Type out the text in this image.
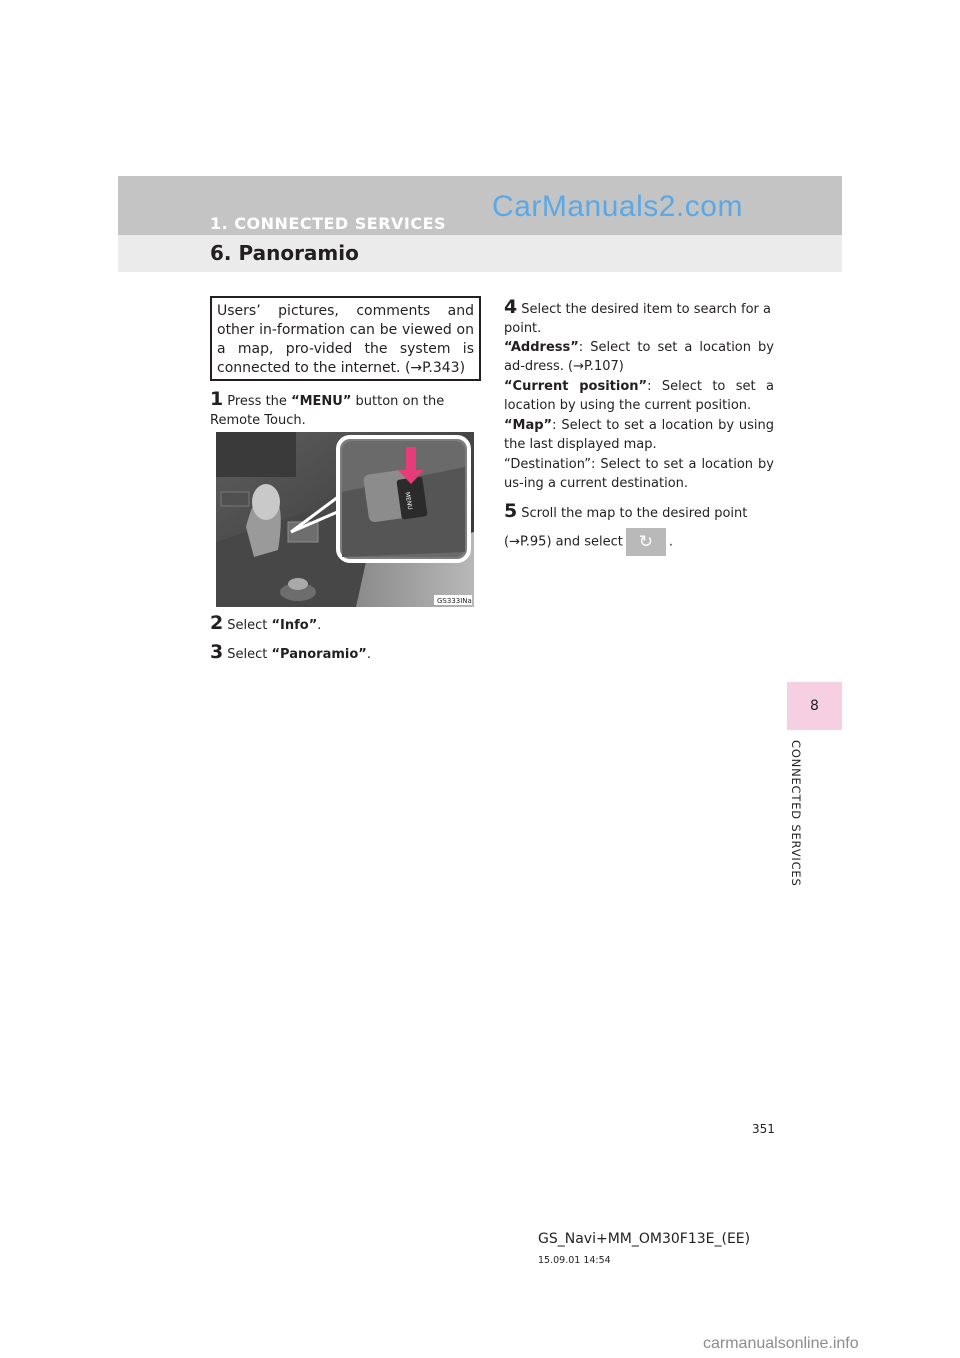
1. CONNECTED SERVICES
CarManuals2.com
6. Panoramio
8
CONNECTED SERVICES
Users’ pictures, comments and other in-formation can be viewed on a map, pro-vided the system is connected to the internet. (→P.343)
1 Press the “MENU” button on the Remote Touch.
MENU
GS333INa
2 Select “Info”.
3 Select “Panoramio”.
4 Select the desired item to search for a point.
“Address”: Select to set a location by ad-dress. (→P.107)
“Current position”: Select to set a location by using the current position.
“Map”: Select to set a location by using the last displayed map.
“Destination”: Select to set a location by us-ing a current destination.
5 Scroll the map to the desired point (→P.95) and select ↻ .
351
GS_Navi+MM_OM30F13E_(EE)
15.09.01 14:54
carmanualsonline.info
